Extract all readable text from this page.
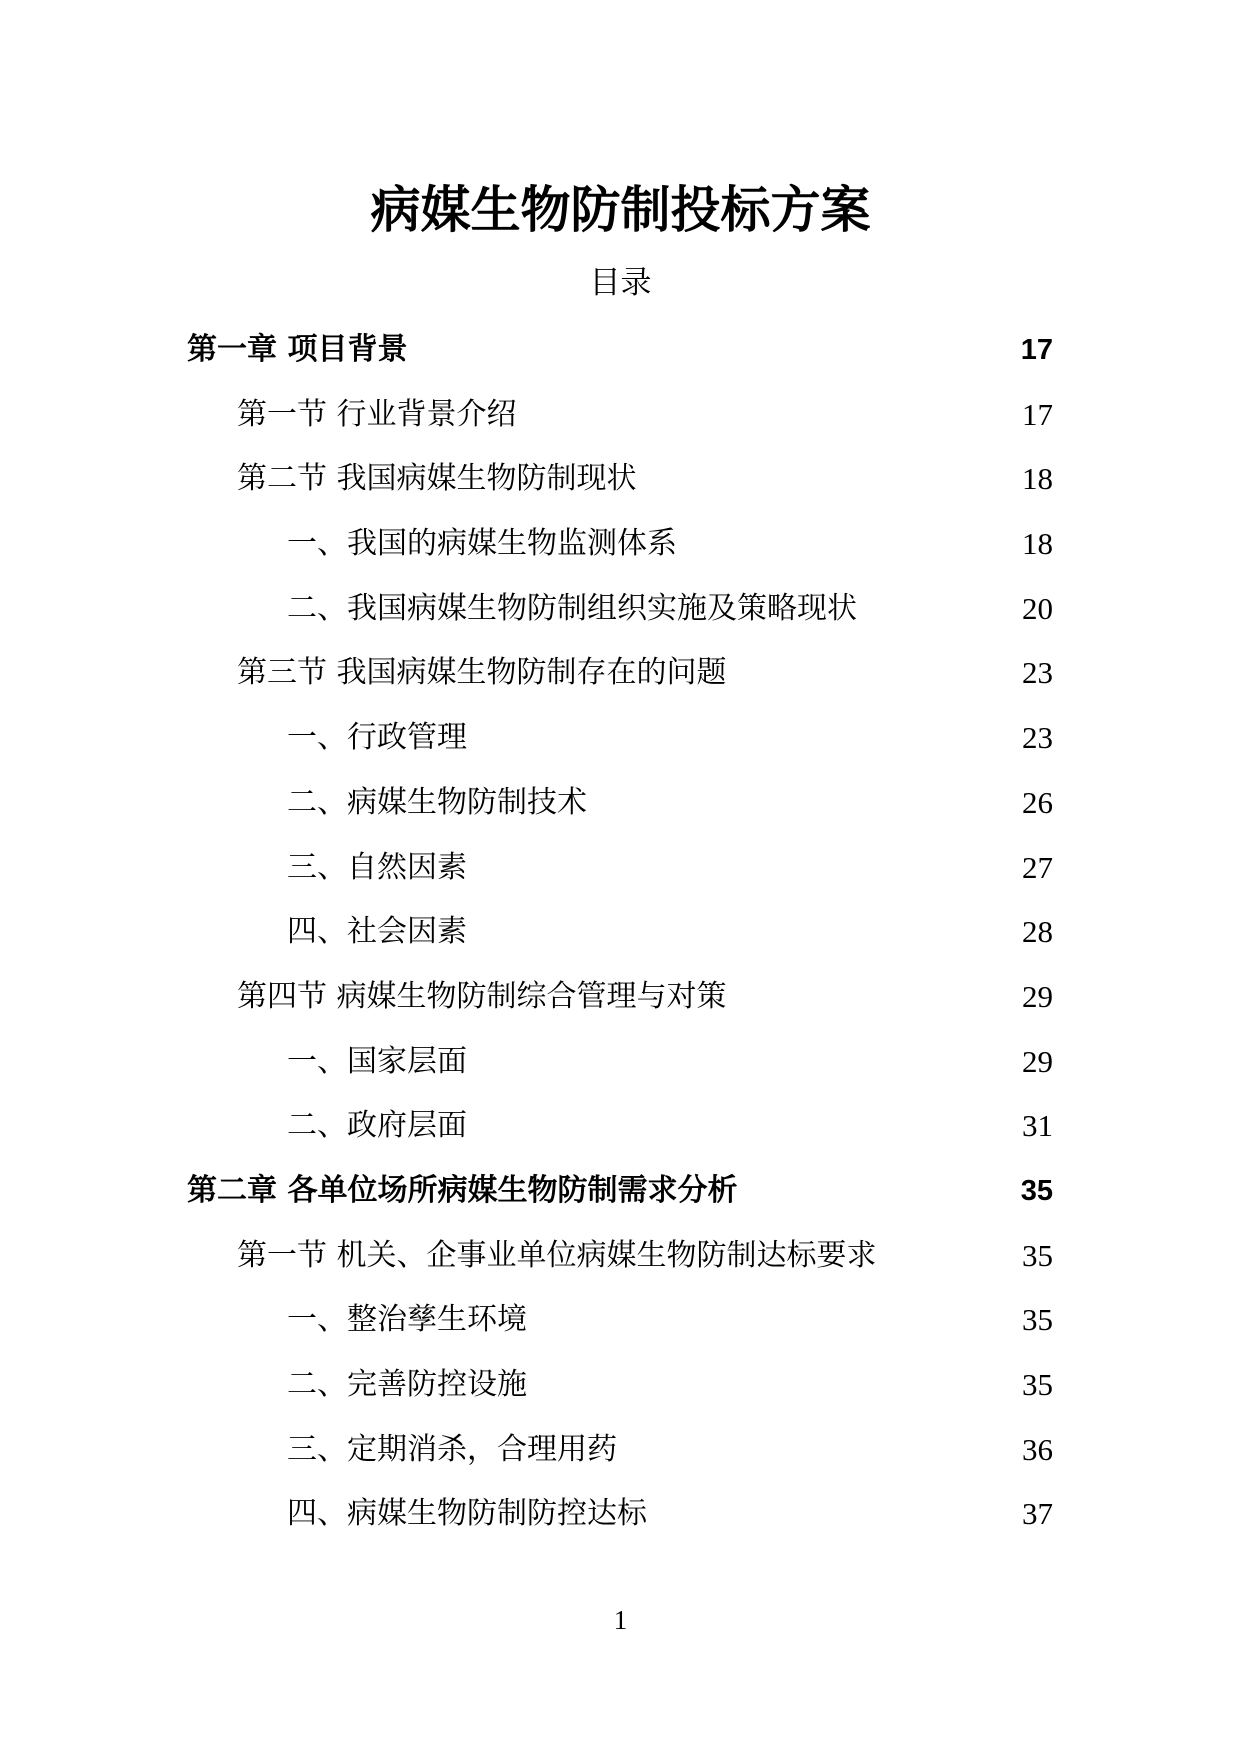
病媒生物防制投标方案
目录
第一章 项目背景	17
第一节 行业背景介绍	17
第二节 我国病媒生物防制现状	18
一、我国的病媒生物监测体系	18
二、我国病媒生物防制组织实施及策略现状	20
第三节 我国病媒生物防制存在的问题	23
一、行政管理	23
二、病媒生物防制技术	26
三、自然因素	27
四、社会因素	28
第四节 病媒生物防制综合管理与对策	29
一、国家层面	29
二、政府层面	31
第二章 各单位场所病媒生物防制需求分析	35
第一节 机关、企事业单位病媒生物防制达标要求	35
一、整治孳生环境	35
二、完善防控设施	35
三、定期消杀，合理用药	36
四、病媒生物防制防控达标	37
1
